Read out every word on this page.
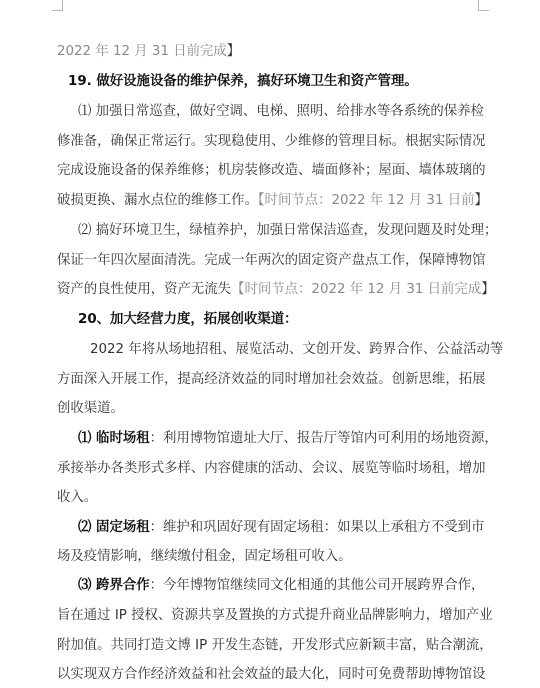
2022 年 12 月 31 日前完成】
19. 做好设施设备的维护保养，搞好环境卫生和资产管理。
⑴ 加强日常巡查，做好空调、电梯、照明、给排水等各系统的保养检
修准备，确保正常运行。实现稳使用、少维修的管理目标。根据实际情况
完成设施设备的保养维修；机房装修改造、墙面修补；屋面、墙体玻璃的
破损更换、漏水点位的维修工作。【时间节点：2022 年 12 月 31 日前】
⑵ 搞好环境卫生，绿植养护，加强日常保洁巡查，发现问题及时处理；
保证一年四次屋面清洗。完成一年两次的固定资产盘点工作，保障博物馆
资产的良性使用，资产无流失【时间节点：2022 年 12 月 31 日前完成】
20、加大经营力度，拓展创收渠道：
2022 年将从场地招租、展览活动、文创开发、跨界合作、公益活动等
方面深入开展工作，提高经济效益的同时增加社会效益。创新思维，拓展
创收渠道。
⑴ 临时场租：利用博物馆遗址大厅、报告厅等馆内可利用的场地资源，
承接举办各类形式多样、内容健康的活动、会议、展览等临时场租，增加
收入。
⑵ 固定场租：维护和巩固好现有固定场租：如果以上承租方不受到市
场及疫情影响，继续缴付租金，固定场租可收入。
⑶ 跨界合作：今年博物馆继续同文化相通的其他公司开展跨界合作，
旨在通过 IP 授权、资源共享及置换的方式提升商业品牌影响力，增加产业
附加值。共同打造文博 IP 开发生态链，开发形式应新颖丰富，贴合潮流，
以实现双方合作经济效益和社会效益的最大化，同时可免费帮助博物馆设
